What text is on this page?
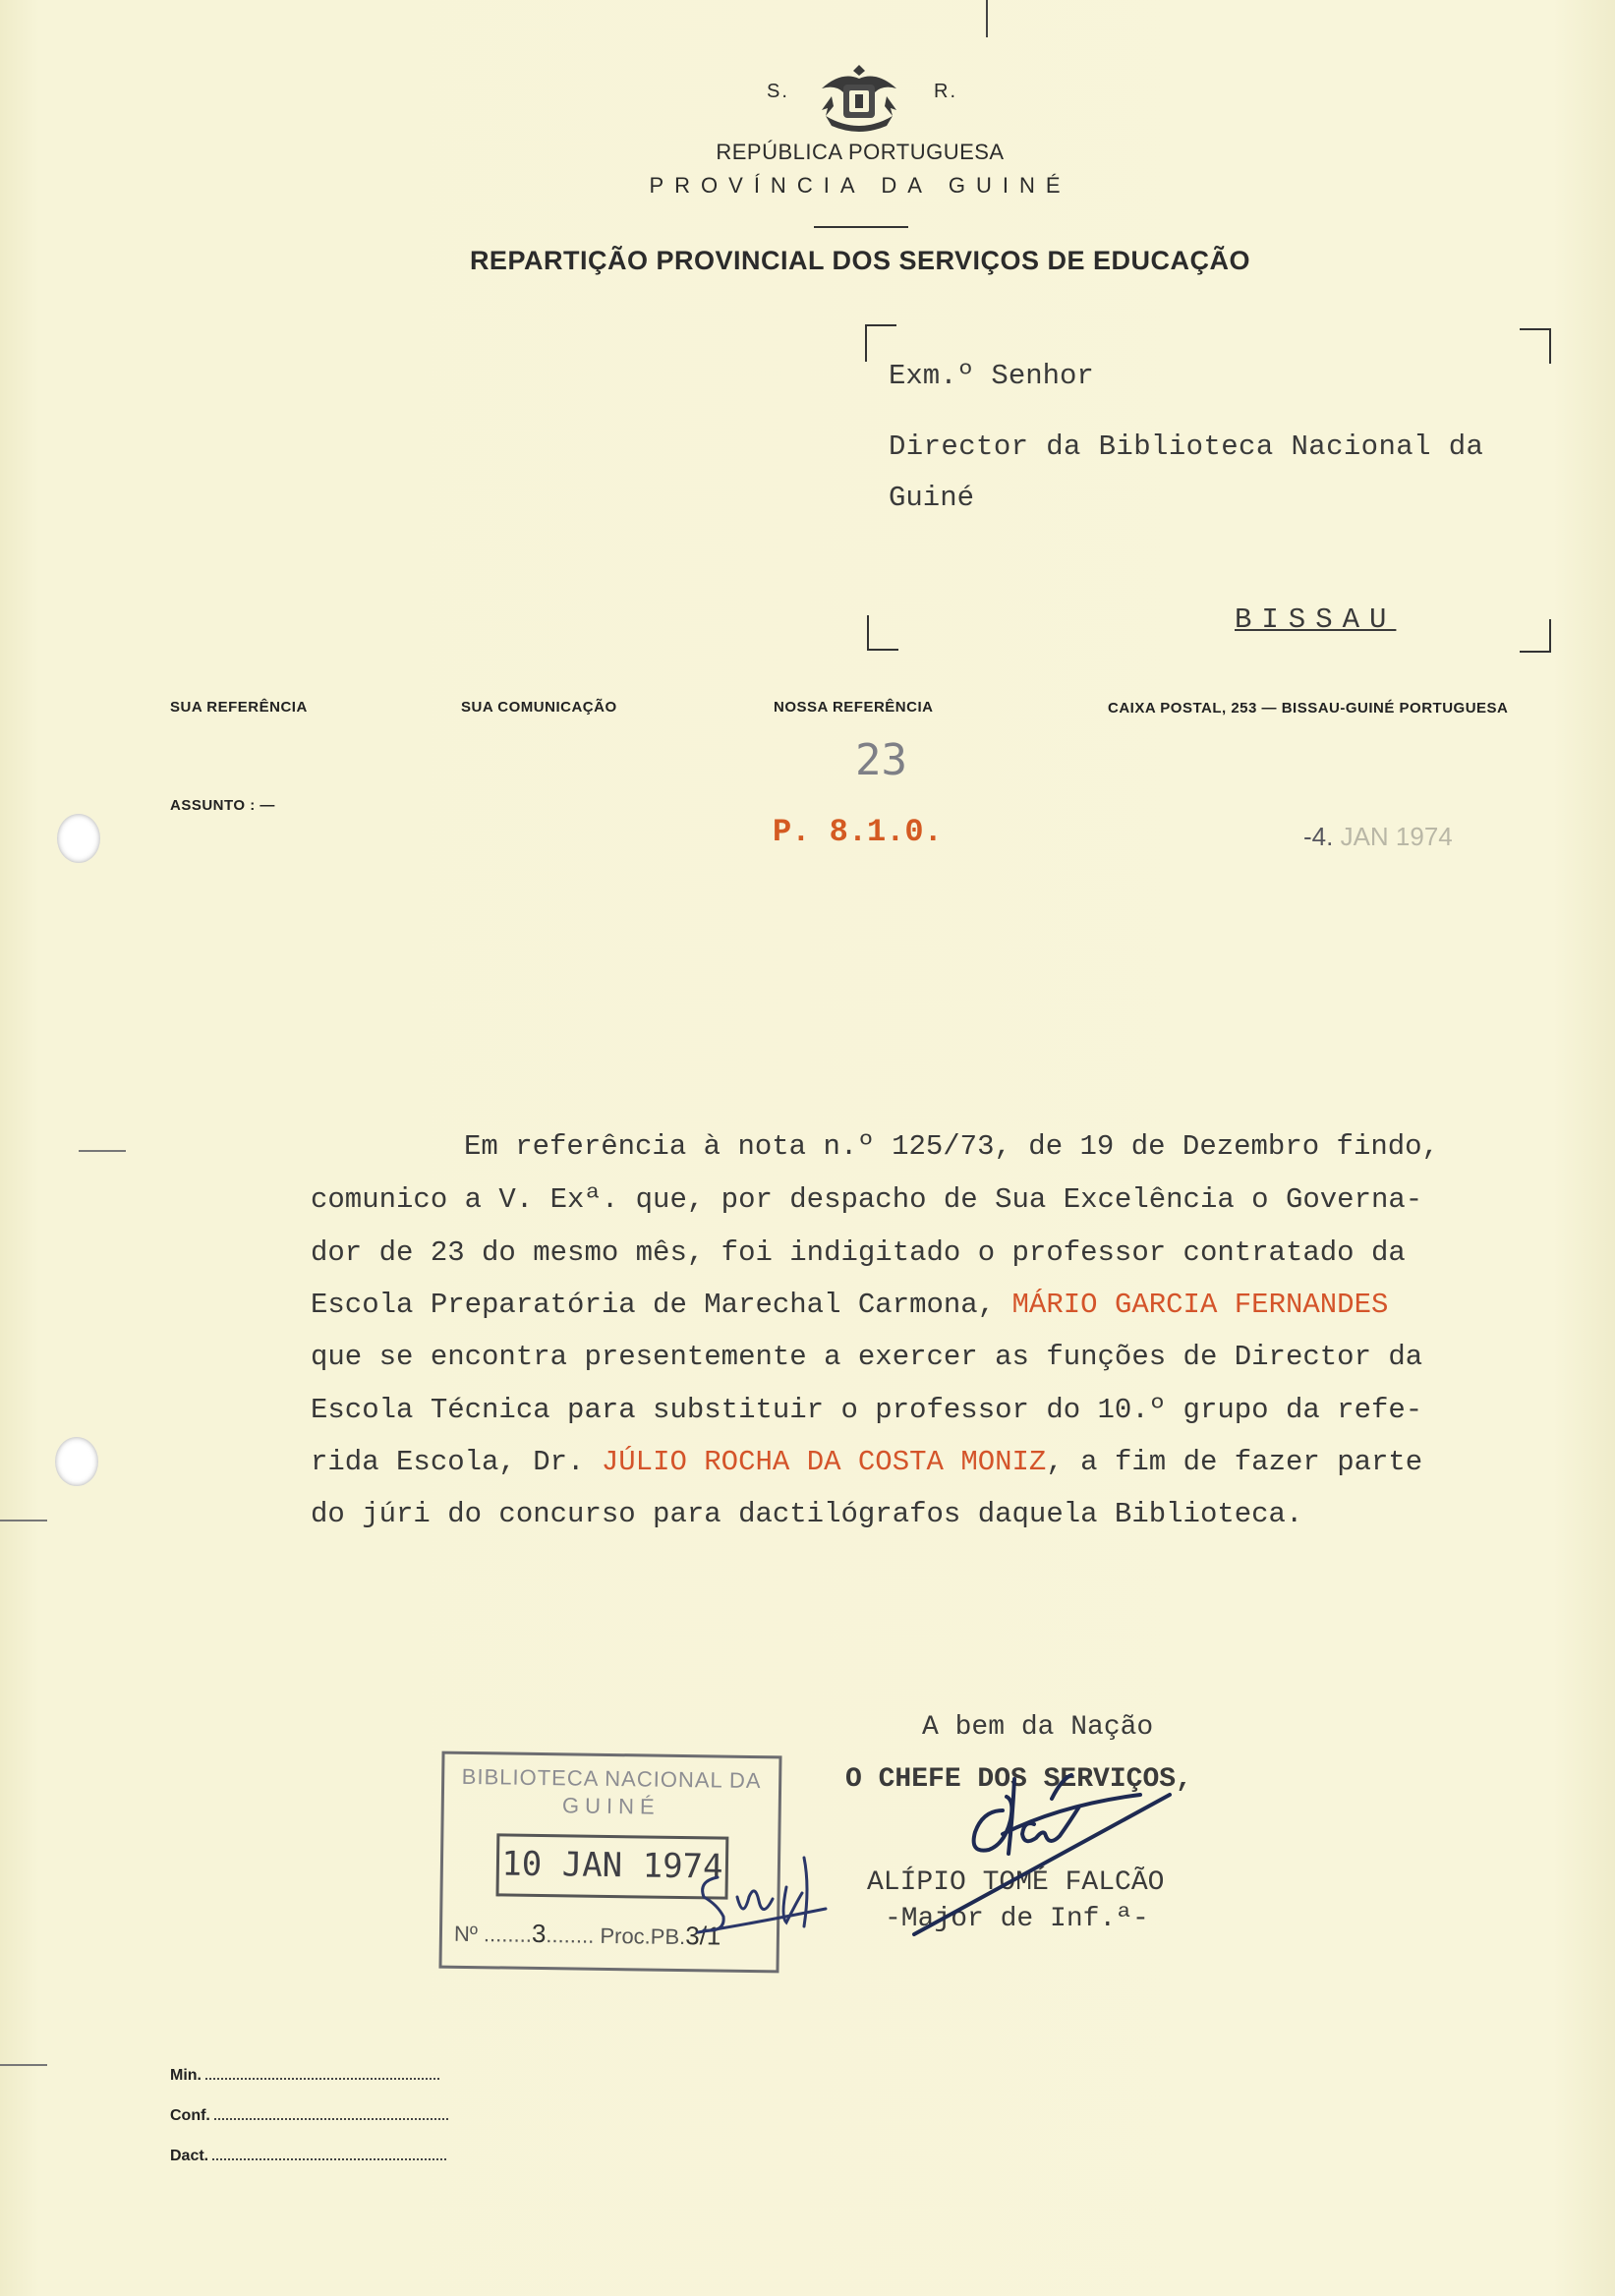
S.	R.
REPÚBLICA PORTUGUESA
PROVÍNCIA DA GUINÉ
REPARTIÇÃO PROVINCIAL DOS SERVIÇOS DE EDUCAÇÃO
Exm.º Senhor
Director da Biblioteca Nacional da
Guiné
BISSAU
SUA REFERÊNCIA	SUA COMUNICAÇÃO	NOSSA REFERÊNCIA	CAIXA POSTAL, 253 — BISSAU-GUINÉ PORTUGUESA
ASSUNTO : —
23
P. 8.1.0.	-4. JAN 1974
Em referência à nota n.º 125/73, de 19 de Dezembro findo,
comunico a V. Exª. que, por despacho de Sua Excelência o Governa-
dor de 23 do mesmo mês, foi indigitado o professor contratado da
Escola Preparatória de Marechal Carmona, MÁRIO GARCIA FERNANDES
que se encontra presentemente a exercer as funções de Director da
Escola Técnica para substituir o professor do 10.º grupo da refe-
rida Escola, Dr. JÚLIO ROCHA DA COSTA MONIZ, a fim de fazer parte
do júri do concurso para dactilógrafos daquela Biblioteca.
A bem da Nação
O CHEFE DOS SERVIÇOS,
ALÍPIO TOMÉ FALCÃO
-Major de Inf.ª-
BIBLIOTECA NACIONAL DA
GUINÉ
10 JAN 1974
Nº ........3........ Proc.PB.3/1
Min.
Conf.
Dact.
